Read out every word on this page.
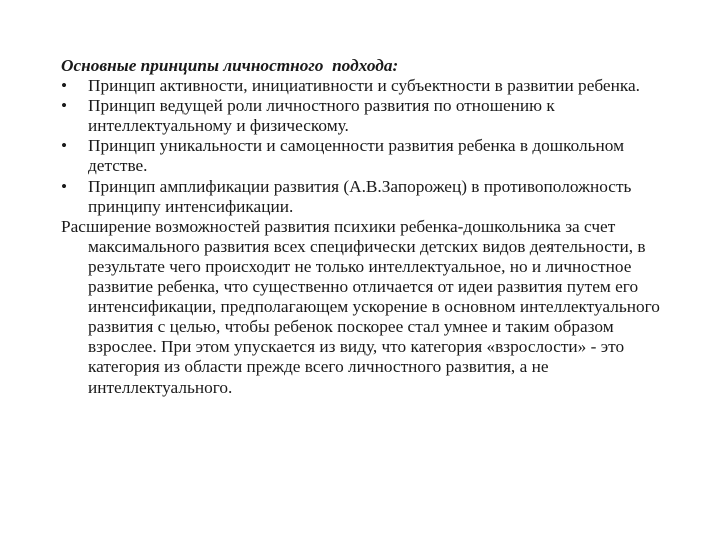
Основные принципы личностного  подхода:

• Принцип активности, инициативности и субъектности в развитии ребенка.
• Принцип ведущей роли личностного развития по отношению к интеллектуальному и физическому.
• Принцип уникальности и самоценности развития ребенка в дошкольном детстве.
• Принцип амплификации развития (А.В.Запорожец) в противоположность принципу интенсификации.

Расширение возможностей развития психики ребенка-дошкольника за счет максимального развития всех специфически детских видов деятельности, в результате чего происходит не только интеллектуальное, но и личностное развитие ребенка, что существенно отличается от идеи развития путем его интенсификации, предполагающем ускорение в основном интеллектуального развития с целью, чтобы ребенок поскорее стал умнее и таким образом взрослее. При этом упускается из виду, что категория «взрослости» - это категория из области прежде всего личностного развития, а не интеллектуального.
